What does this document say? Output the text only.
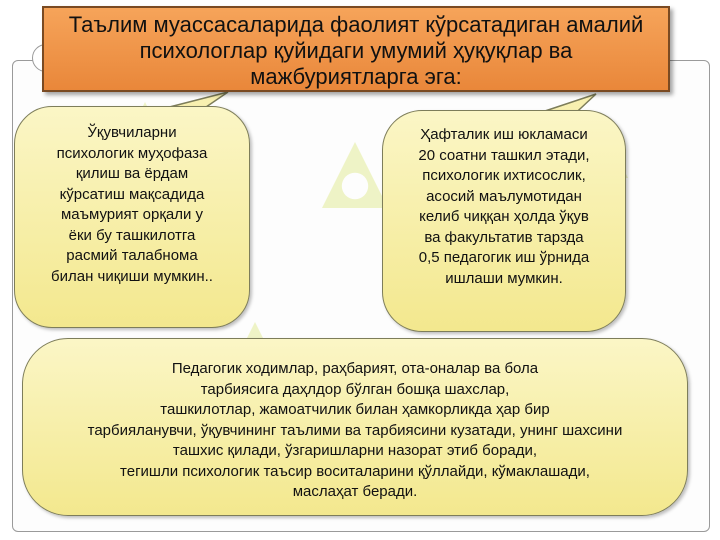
Таълим муассасаларида фаолият кўрсатадиган амалий
психологлар қуйидаги умумий ҳуқуқлар ва
мажбуриятларга эга:
Ўқувчиларни
психологик муҳофаза
қилиш ва ёрдам
кўрсатиш мақсадида
маъмурият орқали у
ёки бу ташкилотга
расмий талабнома
билан чиқиши мумкин..
Ҳафталик иш юкламаси
20 соатни ташкил этади,
психологик ихтисослик,
асосий маълумотидан
келиб чиққан ҳолда ўқув
ва факультатив тарзда
0,5 педагогик иш ўрнида
ишлаши мумкин.
Педагогик ходимлар, раҳбарият, ота-оналар ва бола
тарбиясига даҳлдор бўлган бошқа шахслар,
ташкилотлар, жамоатчилик билан ҳамкорликда ҳар бир
тарбияланувчи, ўқувчининг таълими ва тарбиясини кузатади, унинг шахсини
ташхис қилади, ўзгаришларни назорат этиб боради,
тегишли психологик таъсир воситаларини қўллайди, кўмаклашади,
маслаҳат беради.
